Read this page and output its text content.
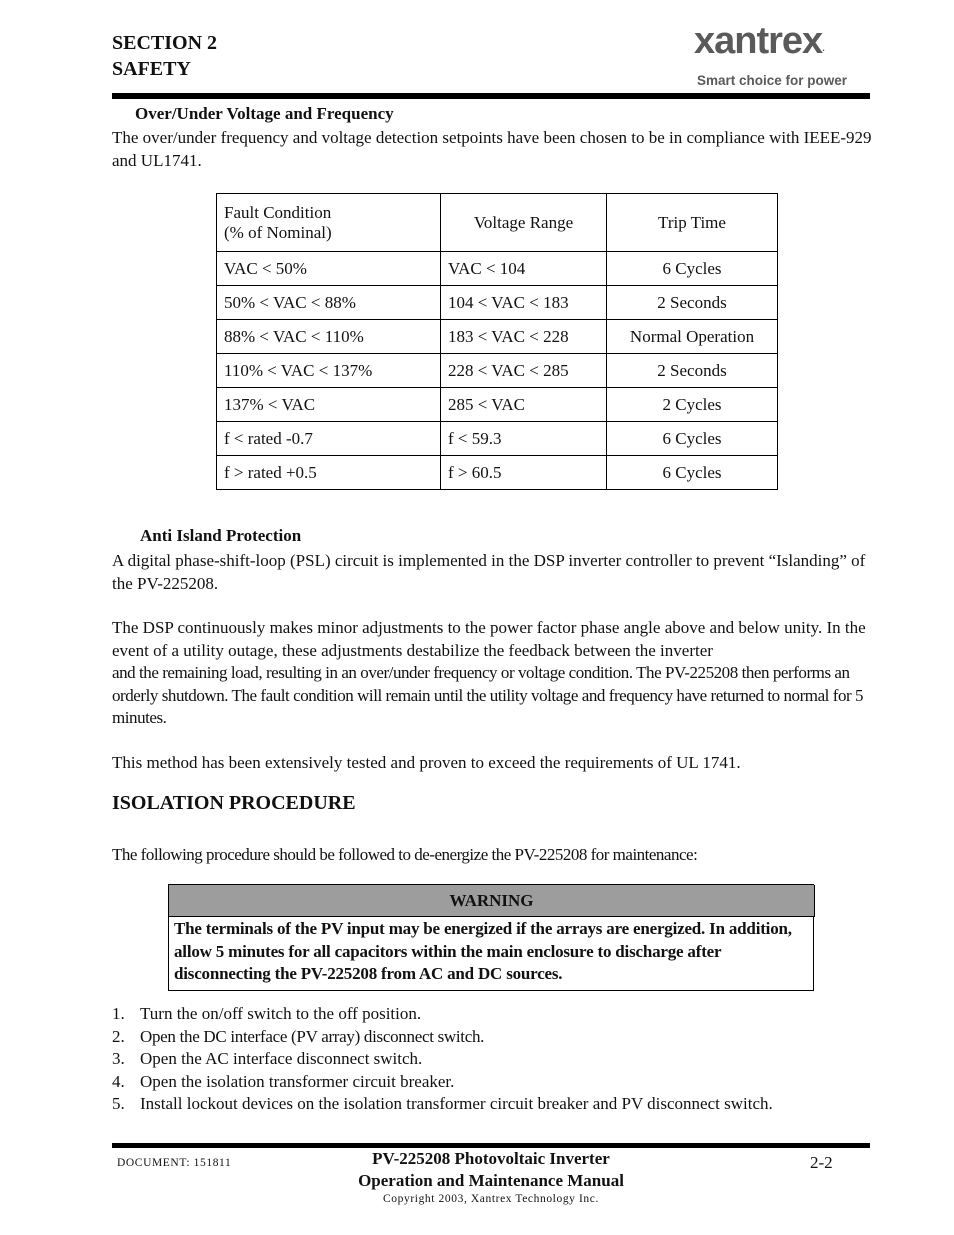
SECTION 2
SAFETY
xantrex.
Smart choice for power
Over/Under Voltage and Frequency
The over/under frequency and voltage detection setpoints have been chosen to be in compliance with IEEE-929 and UL1741.
Fault Condition
(% of Nominal)	Voltage Range	Trip Time
VAC < 50%	VAC < 104	6 Cycles
50% < VAC < 88%	104 < VAC < 183	2 Seconds
88% < VAC < 110%	183 < VAC < 228	Normal Operation
110% < VAC < 137%	228 < VAC < 285	2 Seconds
137% < VAC	285 < VAC	2 Cycles
f < rated -0.7	f < 59.3	6 Cycles
f > rated +0.5	f > 60.5	6 Cycles
Anti Island Protection
A digital phase-shift-loop (PSL) circuit is implemented in the DSP inverter controller to prevent “Islanding” of the PV-225208.
The DSP continuously makes minor adjustments to the power factor phase angle above and below unity. In the event of a utility outage, these adjustments destabilize the feedback between the inverter
and the remaining load, resulting in an over/under frequency or voltage condition. The PV-225208 then performs an orderly shutdown. The fault condition will remain until the utility voltage and frequency have returned to normal for 5 minutes.
This method has been extensively tested and proven to exceed the requirements of UL 1741.
ISOLATION PROCEDURE
The following procedure should be followed to de-energize the PV-225208 for maintenance:
WARNING
The terminals of the PV input may be energized if the arrays are energized. In addition, allow 5 minutes for all capacitors within the main enclosure to discharge after disconnecting the PV-225208 from AC and DC sources.
1. Turn the on/off switch to the off position.
2. Open the DC interface (PV array) disconnect switch.
3. Open the AC interface disconnect switch.
4. Open the isolation transformer circuit breaker.
5. Install lockout devices on the isolation transformer circuit breaker and PV disconnect switch.
DOCUMENT: 151811	PV-225208 Photovoltaic Inverter
Operation and Maintenance Manual
Copyright 2003, Xantrex Technology Inc.
2-2
